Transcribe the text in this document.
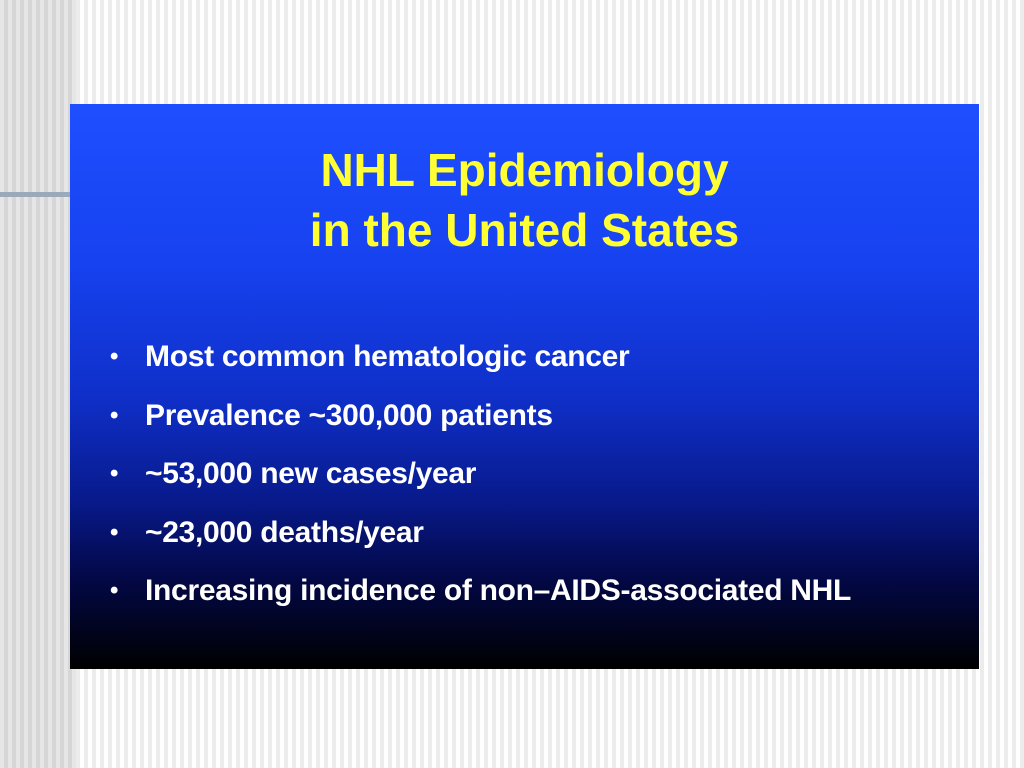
NHL Epidemiology
in the United States
• Most common hematologic cancer
• Prevalence ~300,000 patients
• ~53,000 new cases/year
• ~23,000 deaths/year
• Increasing incidence of non–AIDS-associated NHL
